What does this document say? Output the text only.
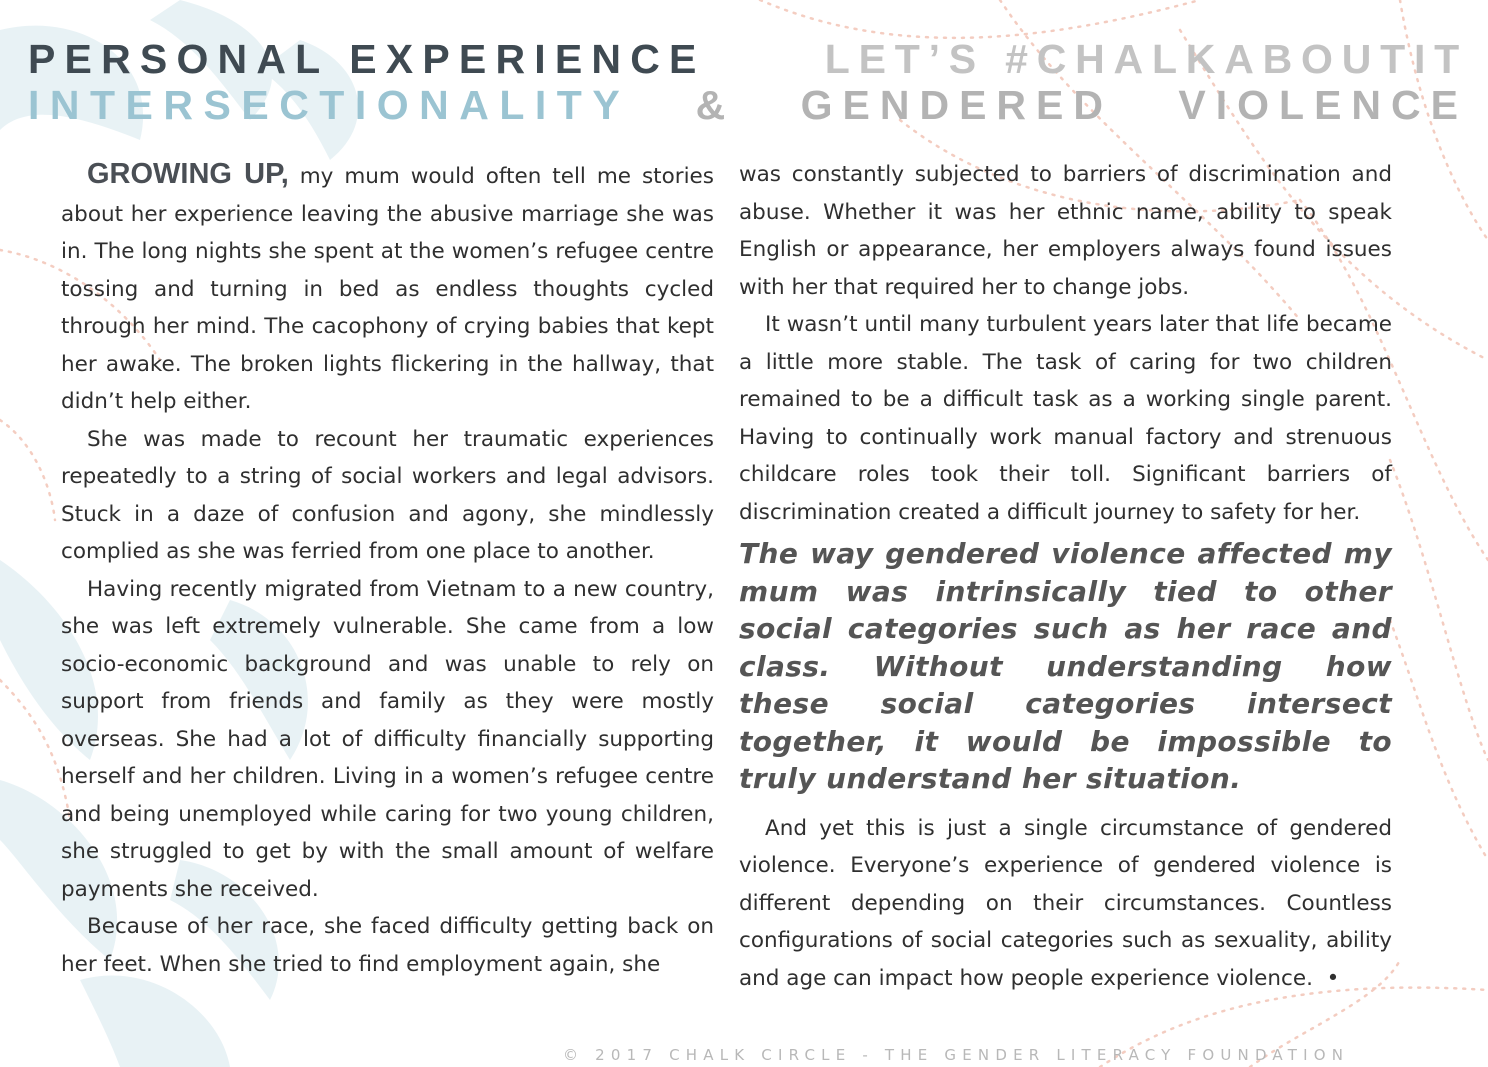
PERSONAL EXPERIENCE	LET’S #CHALKABOUTIT
INTERSECTIONALITY & GENDERED VIOLENCE

GROWING UP, my mum would often tell me stories about her experience leaving the abusive marriage she was in. The long nights she spent at the women’s refugee centre tossing and turning in bed as endless thoughts cycled through her mind. The cacophony of crying babies that kept her awake. The broken lights flickering in the hallway, that didn’t help either.

She was made to recount her traumatic experiences repeatedly to a string of social workers and legal advisors. Stuck in a daze of confusion and agony, she mindlessly complied as she was ferried from one place to another.

Having recently migrated from Vietnam to a new country, she was left extremely vulnerable. She came from a low socio-economic background and was unable to rely on support from friends and family as they were mostly overseas. She had a lot of difficulty financially supporting herself and her children. Living in a women’s refugee centre and being unemployed while caring for two young children, she struggled to get by with the small amount of welfare payments she received.

Because of her race, she faced difficulty getting back on her feet. When she tried to find employment again, she

was constantly subjected to barriers of discrimination and abuse. Whether it was her ethnic name, ability to speak English or appearance, her employers always found issues with her that required her to change jobs.

It wasn’t until many turbulent years later that life became a little more stable. The task of caring for two children remained to be a difficult task as a working single parent. Having to continually work manual factory and strenuous childcare roles took their toll. Significant barriers of discrimination created a difficult journey to safety for her.

The way gendered violence affected my mum was intrinsically tied to other social categories such as her race and class. Without understanding how these social categories intersect together, it would be impossible to truly understand her situation.

And yet this is just a single circumstance of gendered violence. Everyone’s experience of gendered violence is different depending on their circumstances. Countless configurations of social categories such as sexuality, ability and age can impact how people experience violence. •

© 2017 CHALK CIRCLE - THE GENDER LITERACY FOUNDATION
